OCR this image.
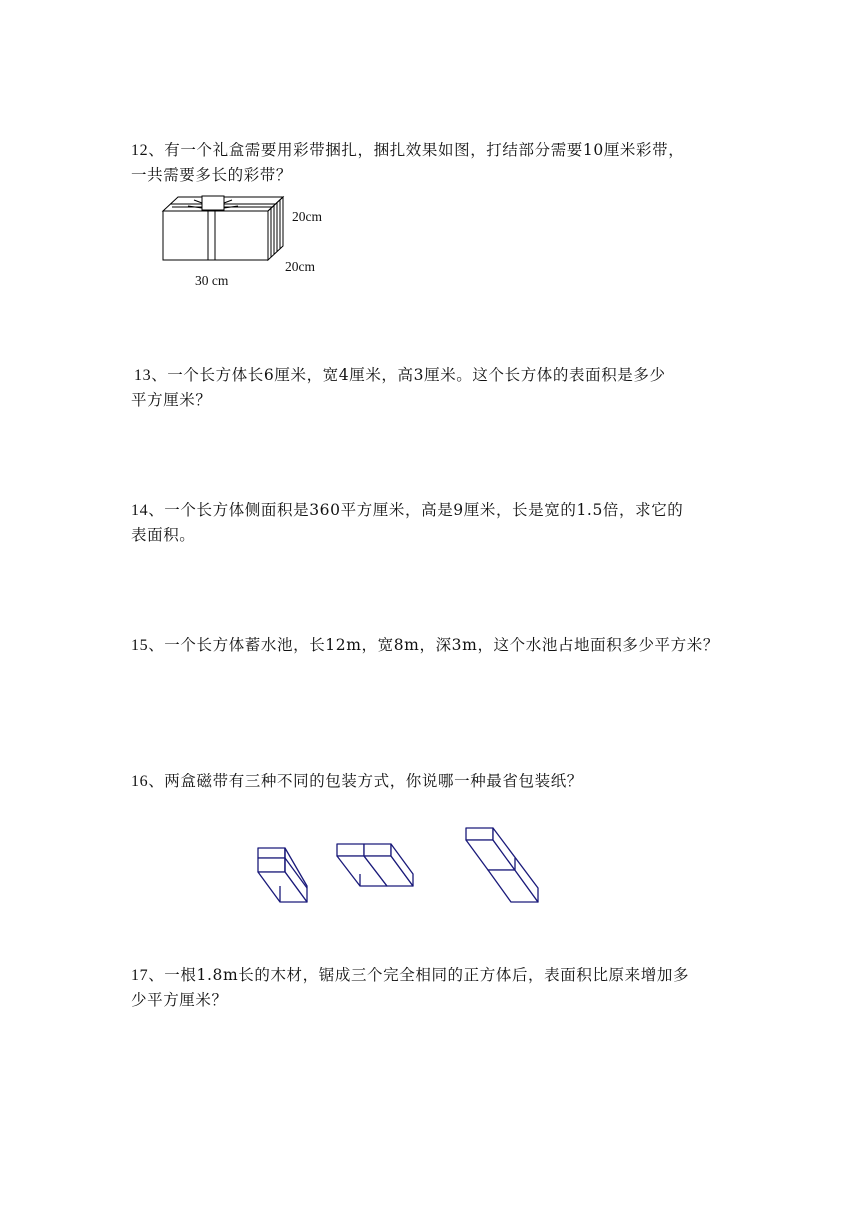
12、有一个礼盒需要用彩带捆扎，捆扎效果如图，打结部分需要10厘米彩带，
一共需要多长的彩带？
20cm
20cm
30 cm
13、一个长方体长6厘米，宽4厘米，高3厘米。这个长方体的表面积是多少
平方厘米？
14、一个长方体侧面积是360平方厘米，高是9厘米，长是宽的1.5倍，求它的
表面积。
15、一个长方体蓄水池，长12m，宽8m，深3m，这个水池占地面积多少平方米？
16、两盒磁带有三种不同的包装方式，你说哪一种最省包装纸？
17、一根1.8m长的木材，锯成三个完全相同的正方体后，表面积比原来增加多
少平方厘米？
